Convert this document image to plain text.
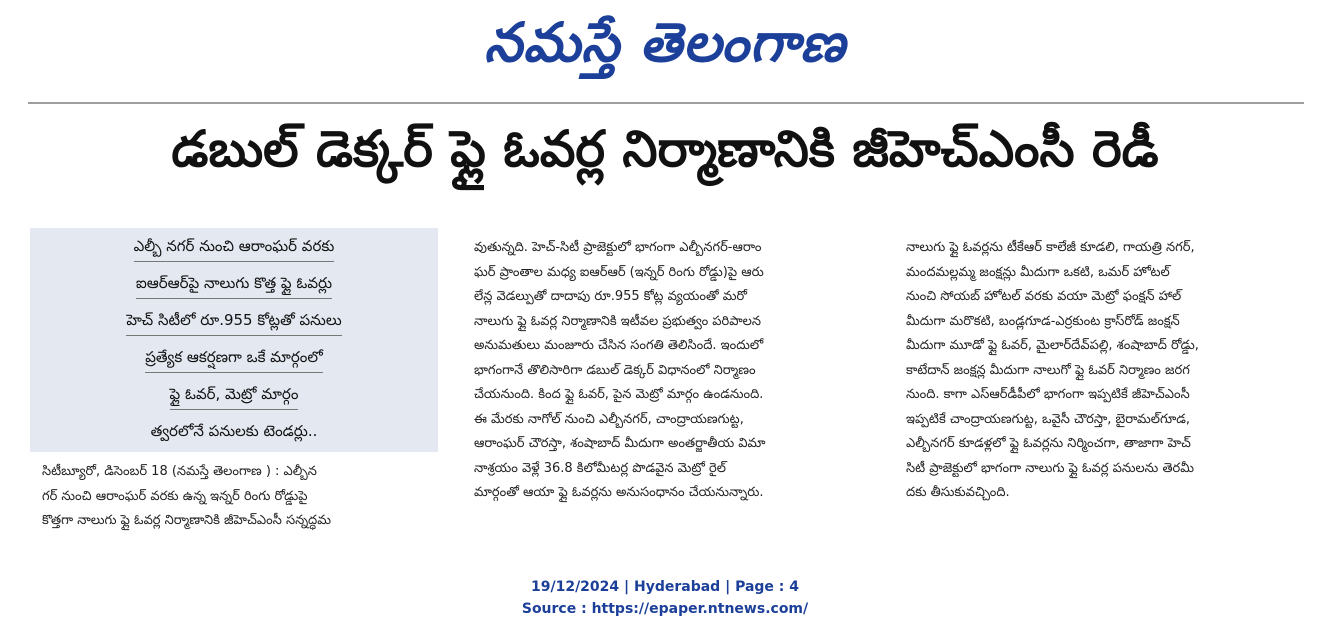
నమస్తే తెలంగాణ
డబుల్ డెక్కర్ ఫ్లై ఓవర్ల నిర్మాణానికి జీహెచ్ఎంసీ రెడీ
ఎల్బీ నగర్ నుంచి ఆరాంఘర్ వరకు
ఐఆర్ఆర్‌పై నాలుగు కొత్త ఫ్లై ఓవర్లు
హెచ్ సిటీలో రూ.955 కోట్లతో పనులు
ప్రత్యేక ఆకర్షణగా ఒకే మార్గంలో
ఫ్లై ఓవర్, మెట్రో మార్గం
త్వరలోనే పనులకు టెండర్లు..

సిటీబ్యూరో, డిసెంబర్ 18 (నమస్తే తెలంగాణ ) : ఎల్బీన

గర్ నుంచి ఆరాంఘర్ వరకు ఉన్న ఇన్నర్ రింగు రోడ్డుపై

కొత్తగా నాలుగు ఫ్లై ఓవర్ల నిర్మాణానికి జీహెచ్ఎంసీ సన్నద్ధమ

వుతున్నది. హెచ్-సిటీ ప్రాజెక్టులో భాగంగా ఎల్బీనగర్-ఆరాం

ఘర్ ప్రాంతాల మధ్య ఐఆర్ఆర్ (ఇన్నర్ రింగు రోడ్డు)పై ఆరు

లేన్ల వెడల్పుతో దాదాపు రూ.955 కోట్ల వ్యయంతో మరో

నాలుగు ఫ్లై ఓవర్ల నిర్మాణానికి ఇటీవల ప్రభుత్వం పరిపాలన

అనుమతులు మంజూరు చేసిన సంగతి తెలిసిందే. ఇందులో

భాగంగానే తొలిసారిగా డబుల్ డెక్కర్ విధానంలో నిర్మాణం

చేయనుంది. కింద ఫ్లై ఓవర్, పైన మెట్రో మార్గం ఉండనుంది.

ఈ మేరకు నాగోల్ నుంచి ఎల్బీనగర్, చాంద్రాయణగుట్ట,

ఆరాంఘర్ చౌరస్తా, శంషాబాద్ మీదుగా అంతర్జాతీయ విమా

నాశ్రయం వెళ్లే 36.8 కిలోమీటర్ల పొడవైన మెట్రో రైల్

మార్గంతో ఆయా ఫ్లై ఓవర్లను అనుసంధానం చేయనున్నారు.

నాలుగు ఫ్లై ఓవర్లను టీకేఆర్ కాలేజీ కూడలి, గాయత్రి నగర్,

మందమల్లమ్మ జంక్షన్లు మీదుగా ఒకటి, ఒమర్ హోటల్

నుంచి సోయబ్ హోటల్ వరకు వయా మెట్రో ఫంక్షన్ హాల్

మీదుగా మరొకటి, బండ్లగూడ-ఎర్రకుంట క్రాస్‌రోడ్ జంక్షన్

మీదుగా మూడో ఫ్లై ఓవర్, మైలార్‌దేవ్‌పల్లి, శంషాబాద్ రోడ్డు,

కాటేదాన్ జంక్షన్ల మీదుగా నాలుగో ఫ్లై ఓవర్ నిర్మాణం జరగ

నుంది. కాగా ఎస్ఆర్‌డీపీలో భాగంగా ఇప్పటికే జీహెచ్ఎంసీ

ఇప్పటికే చాంద్రాయణగుట్ట, ఒవైసీ చౌరస్తా, బైరామల్‌గూడ,

ఎల్బీనగర్ కూడళ్లలో ఫ్లై ఓవర్లను నిర్మించగా, తాజాగా హెచ్

సిటీ ప్రాజెక్టులో భాగంగా నాలుగు ఫ్లై ఓవర్ల పనులను తెరమీ

దకు తీసుకువచ్చింది.

19/12/2024 | Hyderabad | Page : 4
Source : https://epaper.ntnews.com/
